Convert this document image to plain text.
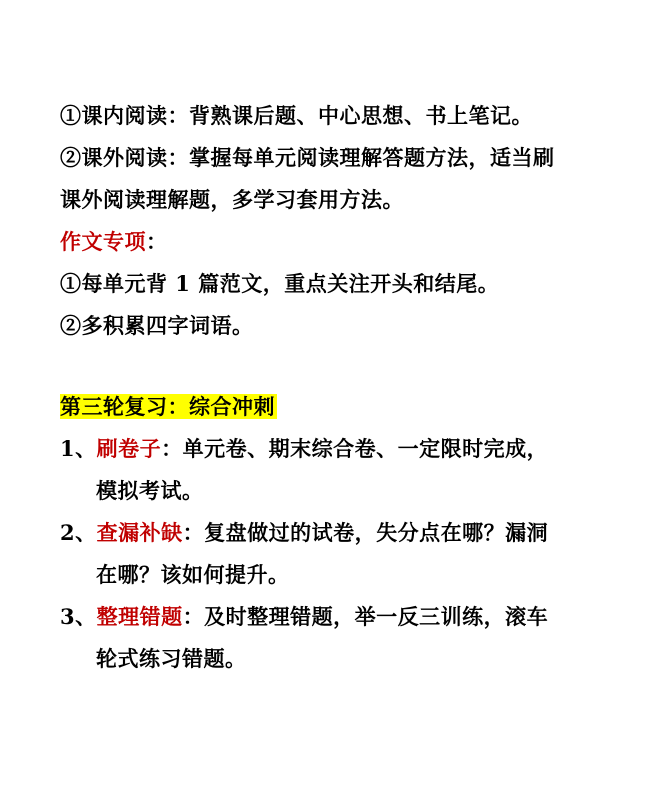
①课内阅读：背熟课后题、中心思想、书上笔记。
②课外阅读：掌握每单元阅读理解答题方法，适当刷
课外阅读理解题，多学习套用方法。
作文专项：
①每单元背 1 篇范文，重点关注开头和结尾。
②多积累四字词语。
第三轮复习：综合冲刺
1、刷卷子：单元卷、期末综合卷、一定限时完成，
模拟考试。
2、查漏补缺：复盘做过的试卷，失分点在哪？漏洞
在哪？该如何提升。
3、整理错题：及时整理错题，举一反三训练，滚车
轮式练习错题。
